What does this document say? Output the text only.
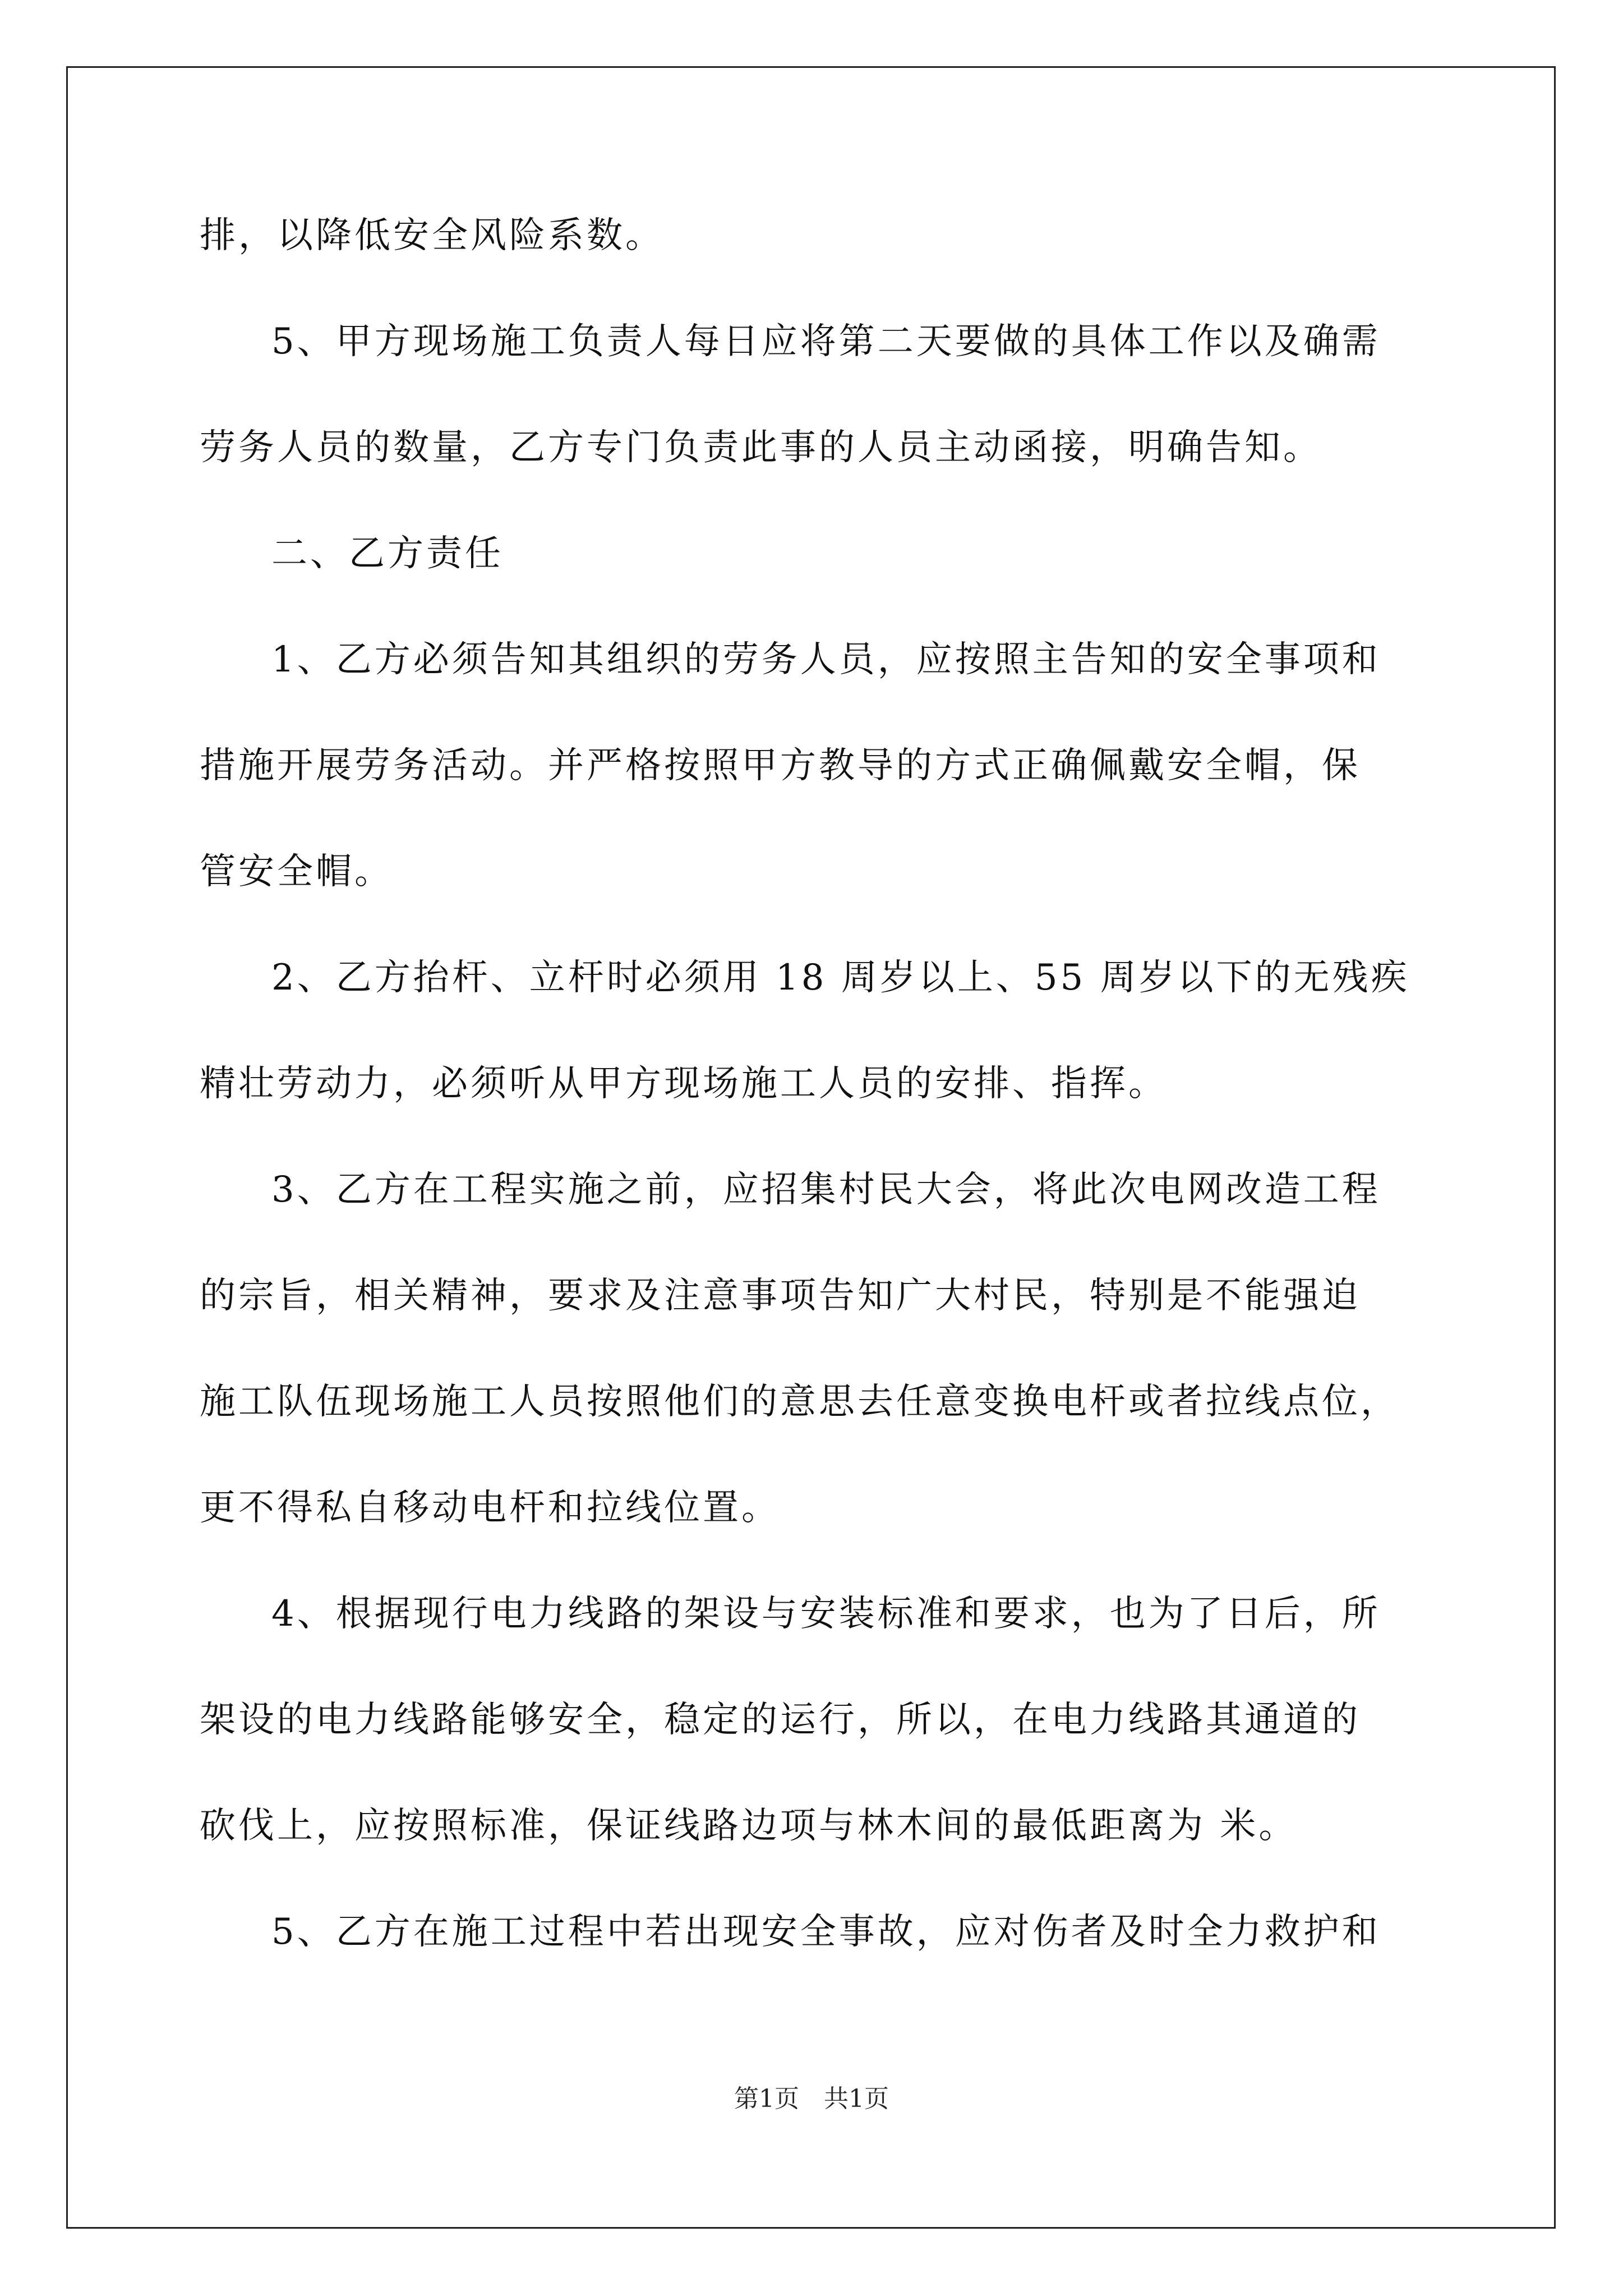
排，以降低安全风险系数。
5、甲方现场施工负责人每日应将第二天要做的具体工作以及确需
劳务人员的数量，乙方专门负责此事的人员主动函接，明确告知。
二、乙方责任
1、乙方必须告知其组织的劳务人员，应按照主告知的安全事项和
措施开展劳务活动。并严格按照甲方教导的方式正确佩戴安全帽，保
管安全帽。
2、乙方抬杆、立杆时必须用 18 周岁以上、55 周岁以下的无残疾
精壮劳动力，必须听从甲方现场施工人员的安排、指挥。
3、乙方在工程实施之前，应招集村民大会，将此次电网改造工程
的宗旨，相关精神，要求及注意事项告知广大村民，特别是不能强迫
施工队伍现场施工人员按照他们的意思去任意变换电杆或者拉线点位，
更不得私自移动电杆和拉线位置。
4、根据现行电力线路的架设与安装标准和要求，也为了日后，所
架设的电力线路能够安全，稳定的运行，所以，在电力线路其通道的
砍伐上，应按照标准，保证线路边项与林木间的最低距离为 米。
5、乙方在施工过程中若出现安全事故，应对伤者及时全力救护和
第1页　共1页
